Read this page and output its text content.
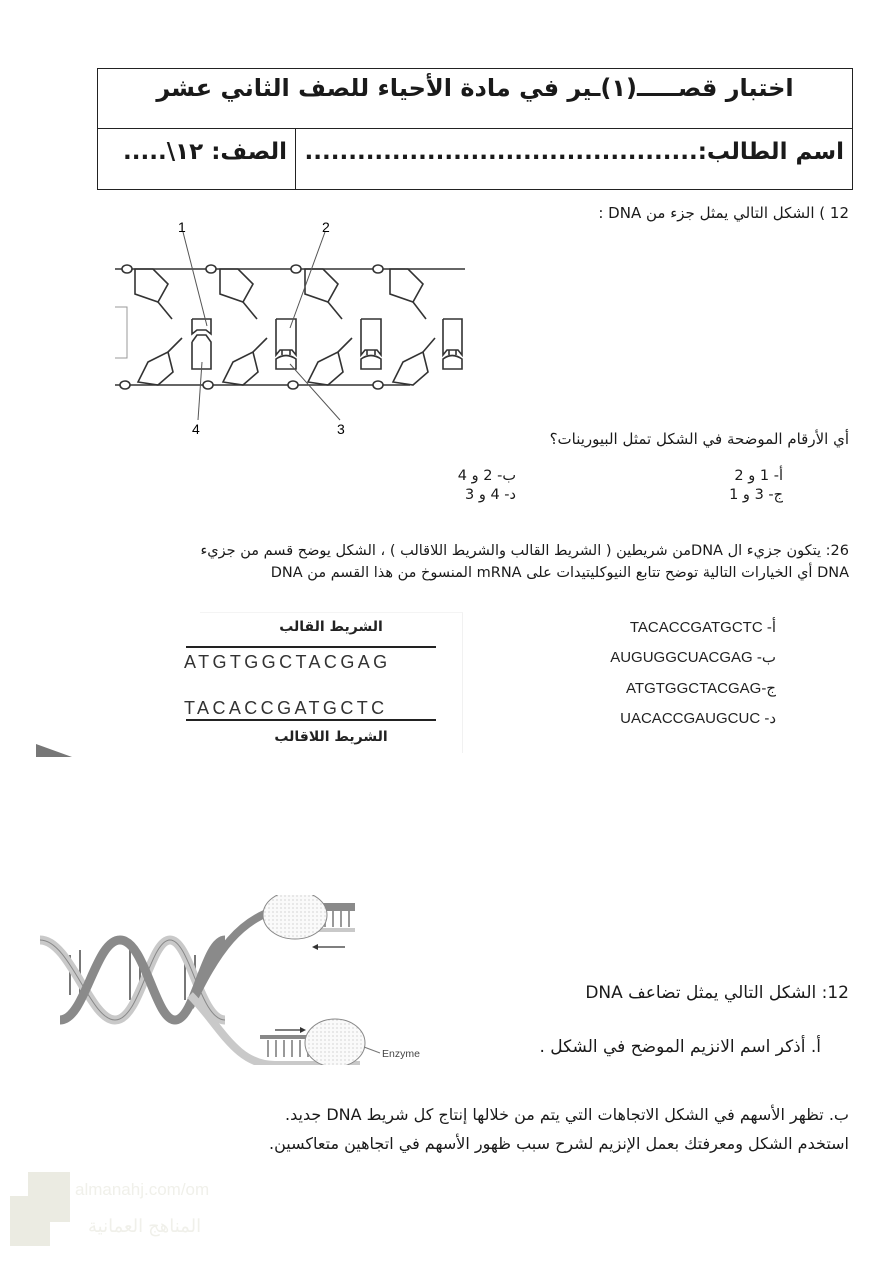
اختبار قصـــــ(١)ـير في مادة الأحياء للصف الثاني عشر
اسم الطالب:.............................................
الصف: ١٢\.....
12 ) الشكل التالي يمثل جزء من DNA :
1	2
3
4
أي الأرقام الموضحة في الشكل تمثل البيورينات؟
أ- 1 و 2
ب- 2 و 4
ج- 3 و 1
د- 4 و 3
26: يتكون جزيء ال DNAمن شريطين ( الشريط القالب والشريط اللاقالب ) ، الشكل يوضح قسم من جزيء
DNA أي الخيارات التالية توضح تتابع النيوكليتيدات على mRNA المنسوخ من هذا القسم من DNA
الشريط القالب
ATGTGGCTACGAG
TACACCGATGCTC
الشريط اللاقالب
أ- TACACCGATGCTC
ب- AUGUGGCUACGAG
ج-ATGTGGCTACGAG
د- UACACCGAUGCUC
Enzyme
12: الشكل التالي يمثل تضاعف DNA
أ. أذكر اسم الانزيم الموضح في الشكل .
ب. تظهر الأسهم في الشكل الاتجاهات التي يتم من خلالها إنتاج كل شريط DNA جديد.
استخدم الشكل ومعرفتك بعمل الإنزيم لشرح سبب ظهور الأسهم في اتجاهين متعاكسين.
almanahj.com/om
المناهج العمانية
